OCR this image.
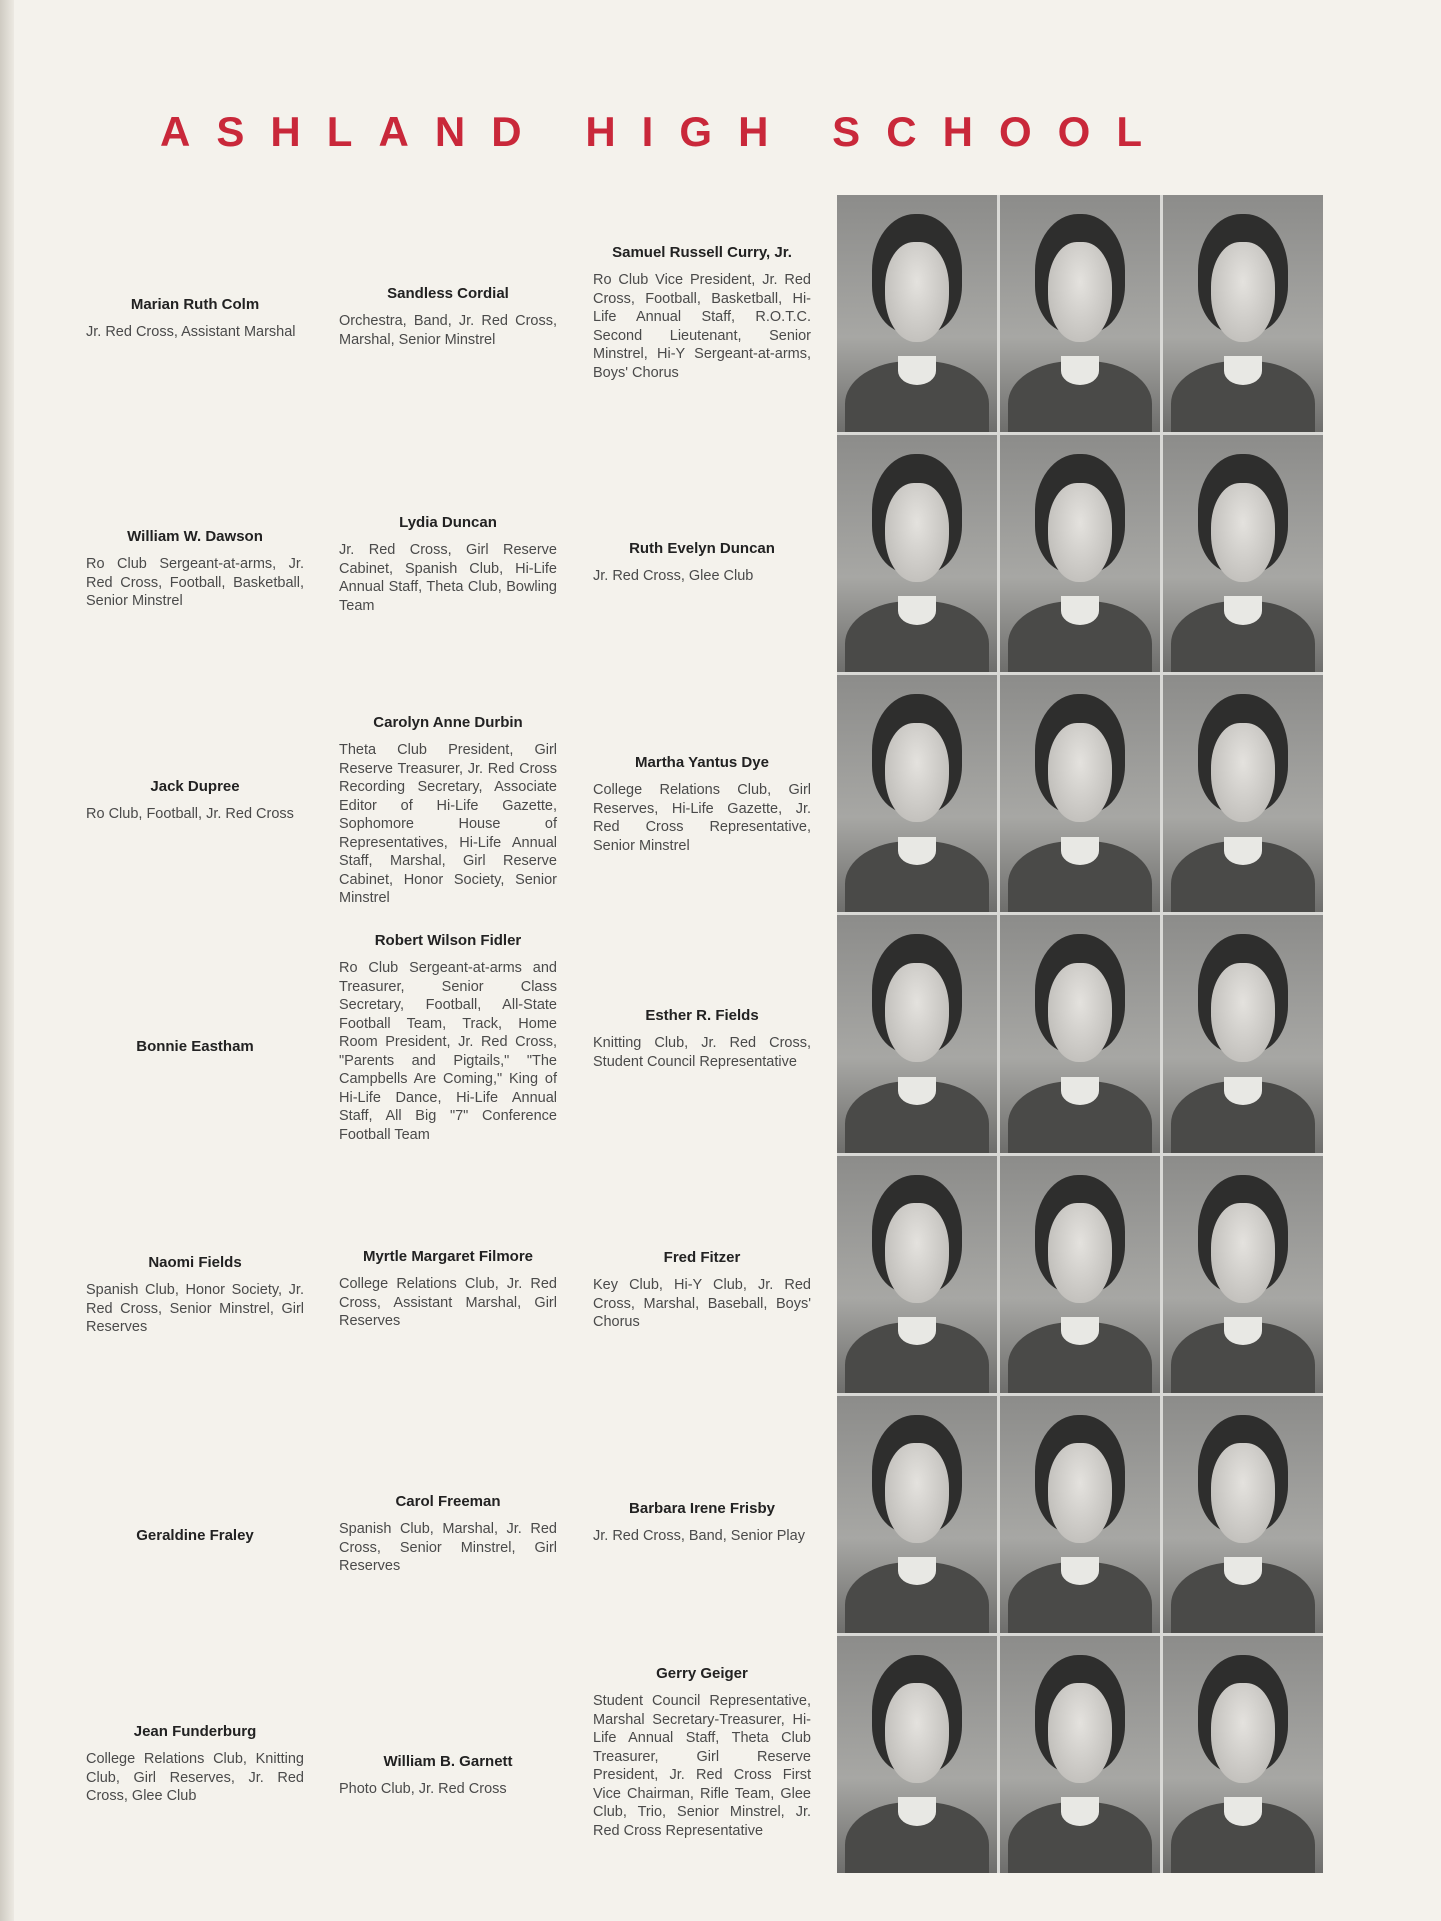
ASHLAND HIGH SCHOOL
Marian Ruth Colm
Jr. Red Cross, Assistant Marshal
Sandless Cordial
Orchestra, Band, Jr. Red Cross, Marshal, Senior Minstrel
Samuel Russell Curry, Jr.
Ro Club Vice President, Jr. Red Cross, Football, Basketball, Hi-Life Annual Staff, R.O.T.C. Second Lieutenant, Senior Minstrel, Hi-Y Sergeant-at-arms, Boys' Chorus
William W. Dawson
Ro Club Sergeant-at-arms, Jr. Red Cross, Football, Basketball, Senior Minstrel
Lydia Duncan
Jr. Red Cross, Girl Reserve Cabinet, Spanish Club, Hi-Life Annual Staff, Theta Club, Bowling Team
Ruth Evelyn Duncan
Jr. Red Cross, Glee Club
Jack Dupree
Ro Club, Football, Jr. Red Cross
Carolyn Anne Durbin
Theta Club President, Girl Reserve Treasurer, Jr. Red Cross Recording Secretary, Associate Editor of Hi-Life Gazette, Sophomore House of Representatives, Hi-Life Annual Staff, Marshal, Girl Reserve Cabinet, Honor Society, Senior Minstrel
Martha Yantus Dye
College Relations Club, Girl Reserves, Hi-Life Gazette, Jr. Red Cross Representative, Senior Minstrel
Bonnie Eastham
Robert Wilson Fidler
Ro Club Sergeant-at-arms and Treasurer, Senior Class Secretary, Football, All-State Football Team, Track, Home Room President, Jr. Red Cross, "Parents and Pigtails," "The Campbells Are Coming," King of Hi-Life Dance, Hi-Life Annual Staff, All Big "7" Conference Football Team
Esther R. Fields
Knitting Club, Jr. Red Cross, Student Council Representative
Naomi Fields
Spanish Club, Honor Society, Jr. Red Cross, Senior Minstrel, Girl Reserves
Myrtle Margaret Filmore
College Relations Club, Jr. Red Cross, Assistant Marshal, Girl Reserves
Fred Fitzer
Key Club, Hi-Y Club, Jr. Red Cross, Marshal, Baseball, Boys' Chorus
Geraldine Fraley
Carol Freeman
Spanish Club, Marshal, Jr. Red Cross, Senior Minstrel, Girl Reserves
Barbara Irene Frisby
Jr. Red Cross, Band, Senior Play
Jean Funderburg
College Relations Club, Knitting Club, Girl Reserves, Jr. Red Cross, Glee Club
William B. Garnett
Photo Club, Jr. Red Cross
Gerry Geiger
Student Council Representative, Marshal Secretary-Treasurer, Hi-Life Annual Staff, Theta Club Treasurer, Girl Reserve President, Jr. Red Cross First Vice Chairman, Rifle Team, Glee Club, Trio, Senior Minstrel, Jr. Red Cross Representative
